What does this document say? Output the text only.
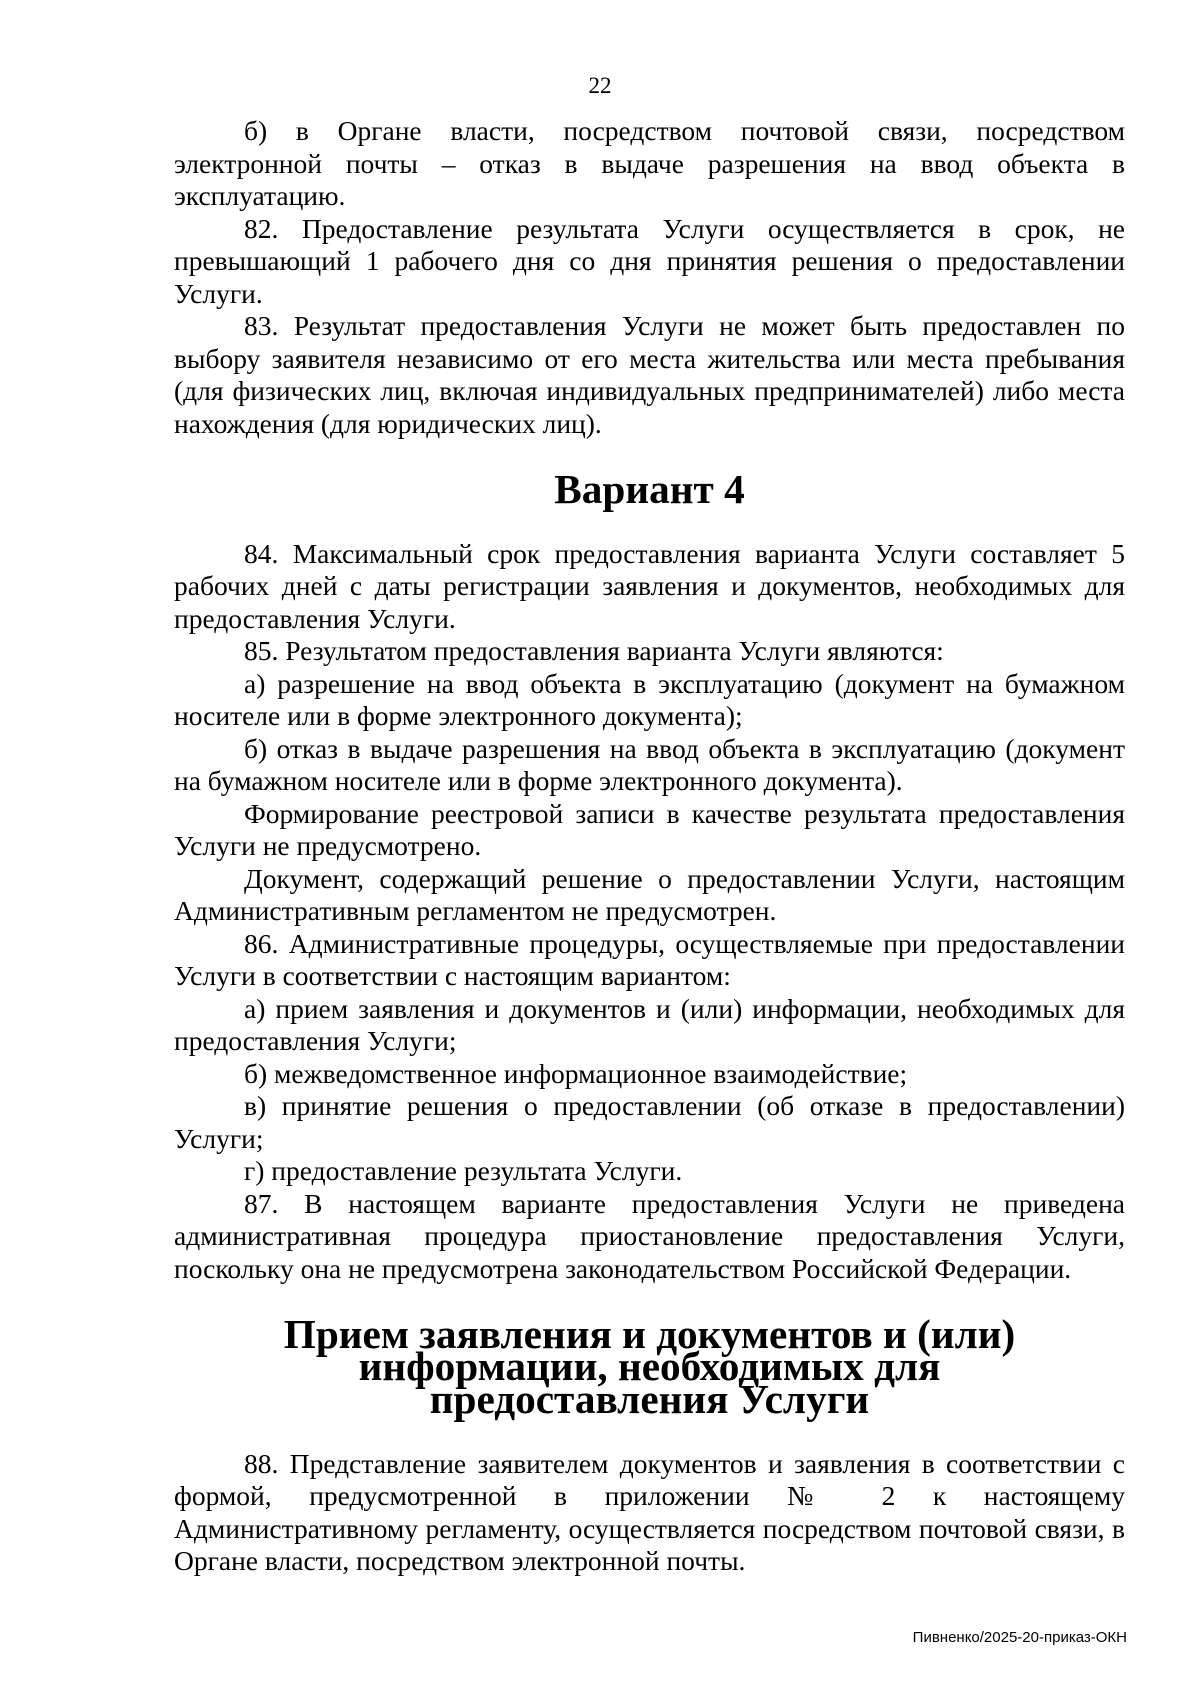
22

б) в Органе власти, посредством почтовой связи, посредством электронной почты – отказ в выдаче разрешения на ввод объекта в эксплуатацию.

82. Предоставление результата Услуги осуществляется в срок, не превышающий 1 рабочего дня со дня принятия решения о предоставлении Услуги.

83. Результат предоставления Услуги не может быть предоставлен по выбору заявителя независимо от его места жительства или места пребывания (для физических лиц, включая индивидуальных предпринимателей) либо места нахождения (для юридических лиц).

Вариант 4

84. Максимальный срок предоставления варианта Услуги составляет 5 рабочих дней с даты регистрации заявления и документов, необходимых для предоставления Услуги.

85. Результатом предоставления варианта Услуги являются:

а) разрешение на ввод объекта в эксплуатацию (документ на бумажном носителе или в форме электронного документа);

б) отказ в выдаче разрешения на ввод объекта в эксплуатацию (документ на бумажном носителе или в форме электронного документа).

Формирование реестровой записи в качестве результата предоставления Услуги не предусмотрено.

Документ, содержащий решение о предоставлении Услуги, настоящим Административным регламентом не предусмотрен.

86. Административные процедуры, осуществляемые при предоставлении Услуги в соответствии с настоящим вариантом:

а) прием заявления и документов и (или) информации, необходимых для предоставления Услуги;

б) межведомственное информационное взаимодействие;

в) принятие решения о предоставлении (об отказе в предоставлении) Услуги;

г) предоставление результата Услуги.

87. В настоящем варианте предоставления Услуги не приведена административная процедура приостановление предоставления Услуги, поскольку она не предусмотрена законодательством Российской Федерации.

Прием заявления и документов и (или) информации, необходимых для
предоставления Услуги

88. Представление заявителем документов и заявления в соответствии с формой, предусмотренной в приложении № 2 к настоящему Административному регламенту, осуществляется посредством почтовой связи, в Органе власти, посредством электронной почты.

Пивненко/2025-20-приказ-ОКН
